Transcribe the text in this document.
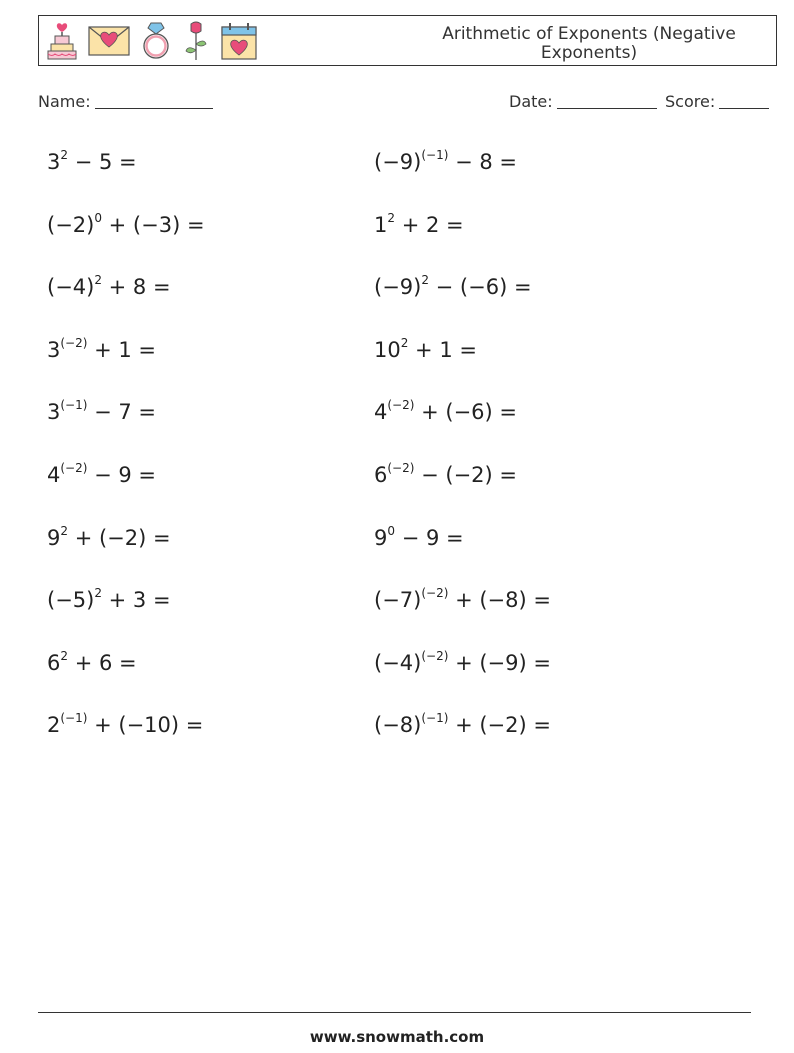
Arithmetic of Exponents (Negative Exponents)
Name:	Date:	Score:
$3^2 - 5$ =
$(-2)^0 + (-3)$ =
$(-4)^2 + 8$ =
$3^{(-2)} + 1$ =
$3^{(-1)} - 7$ =
$4^{(-2)} - 9$ =
$9^2 + (-2)$ =
$(-5)^2 + 3$ =
$6^2 + 6$ =
$2^{(-1)} + (-10)$ =
$(-9)^{(-1)} - 8$ =
$1^2 + 2$ =
$(-9)^2 - (-6)$ =
$10^2 + 1$ =
$4^{(-2)} + (-6)$ =
$6^{(-2)} - (-2)$ =
$9^0 - 9$ =
$(-7)^{(-2)} + (-8)$ =
$(-4)^{(-2)} + (-9)$ =
$(-8)^{(-1)} + (-2)$ =
www.snowmath.com
